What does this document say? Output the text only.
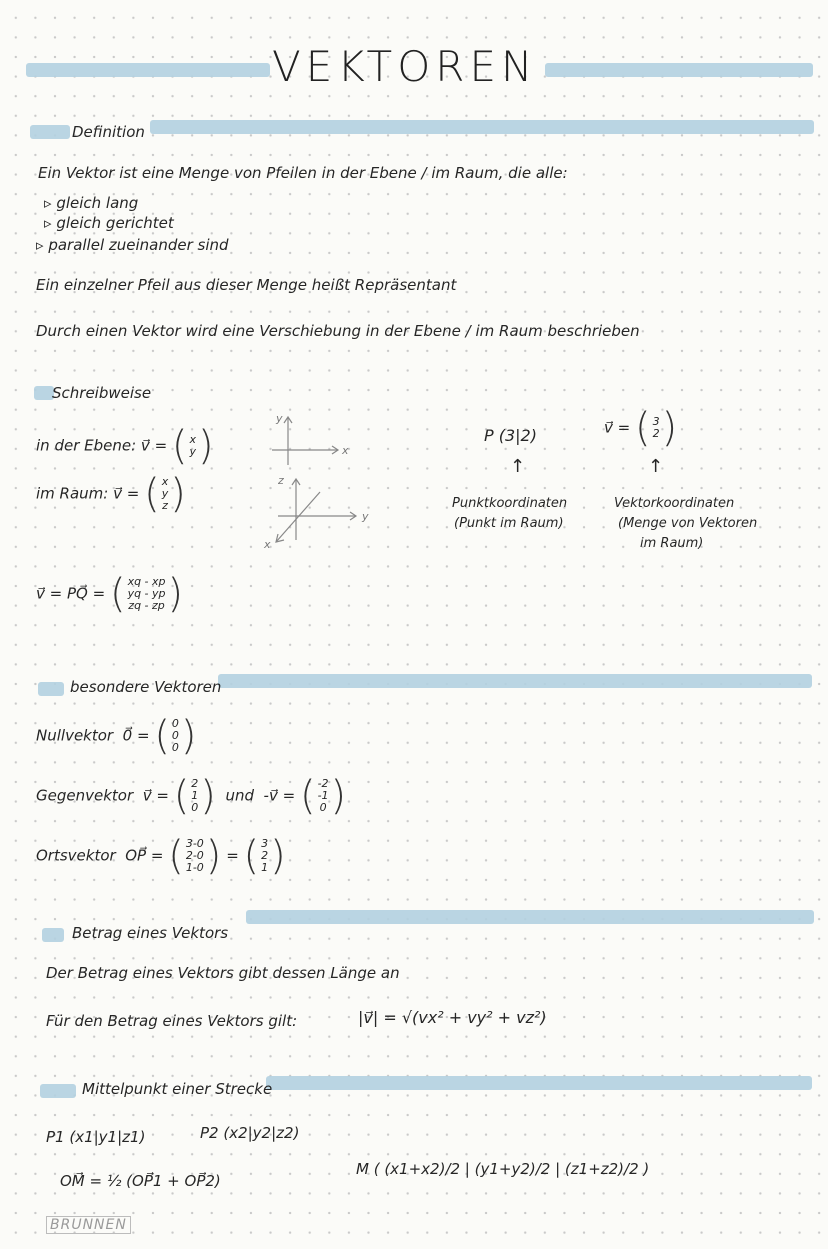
VEKTOREN
Definition
Ein Vektor ist eine Menge von Pfeilen in der Ebene / im Raum, die alle:
▹ gleich lang
▹ gleich gerichtet
▹ parallel zueinander sind
Ein einzelner Pfeil aus dieser Menge heißt Repräsentant
Durch einen Vektor wird eine Verschiebung in der Ebene / im Raum beschrieben
Schreibweise
in der Ebene: v⃗ = ( x
y )
im Raum: v⃗ = ( x
y
z )
y
x
z
y
x
P (3|2)
↑
Punktkoordinaten
(Punkt im Raum)
v⃗ = ( 3
2 )
↑
Vektorkoordinaten
(Menge von Vektoren
im Raum)
v⃗ = PQ⃗ = ( xq - xp
yq - yp
zq - zp )
besondere Vektoren
Nullvektor 0⃗ = ( 0
0
0 )
Gegenvektor v⃗ = ( 2
1
0 ) und -v⃗ = ( -2
-1
0 )
Ortsvektor OP⃗ = ( 3-0
2-0
1-0 ) = ( 3
2
1 )
Betrag eines Vektors
Der Betrag eines Vektors gibt dessen Länge an
Für den Betrag eines Vektors gilt:	|v⃗| = √(vx² + vy² + vz²)
Mittelpunkt einer Strecke
P1 (x1|y1|z1)	P2 (x2|y2|z2)
OM⃗ = ½ (OP⃗1 + OP⃗2)
M ( (x1+x2)/2 | (y1+y2)/2 | (z1+z2)/2 )
BRUNNEN
